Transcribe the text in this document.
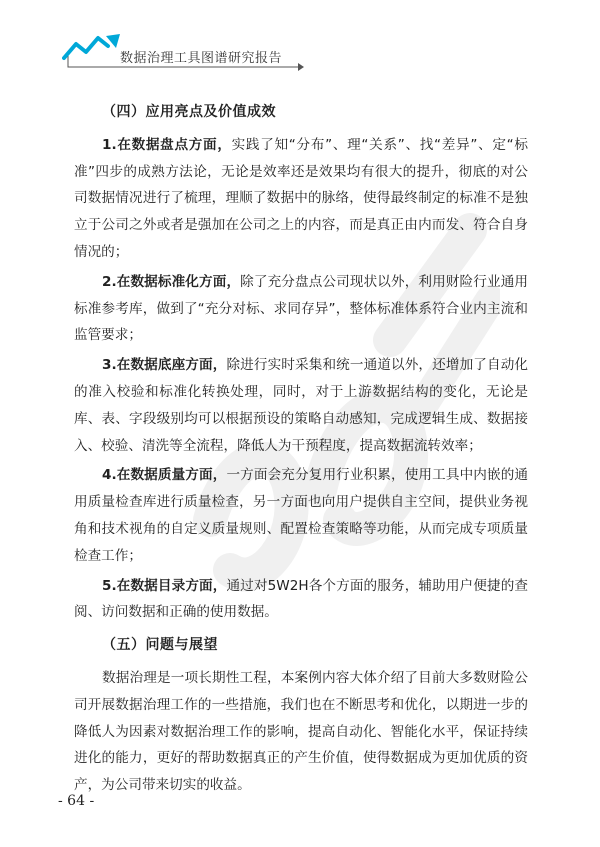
数据治理工具图谱研究报告
（四）应用亮点及价值成效

1.在数据盘点方面，实践了知“分布”、理“关系”、找“差异”、定“标准”四步的成熟方法论，无论是效率还是效果均有很大的提升，彻底的对公司数据情况进行了梳理，理顺了数据中的脉络，使得最终制定的标准不是独立于公司之外或者是强加在公司之上的内容，而是真正由内而发、符合自身情况的；

2.在数据标准化方面，除了充分盘点公司现状以外，利用财险行业通用标准参考库，做到了“充分对标、求同存异”，整体标准体系符合业内主流和监管要求；

3.在数据底座方面，除进行实时采集和统一通道以外，还增加了自动化的准入校验和标准化转换处理，同时，对于上游数据结构的变化，无论是库、表、字段级别均可以根据预设的策略自动感知，完成逻辑生成、数据接入、校验、清洗等全流程，降低人为干预程度，提高数据流转效率；

4.在数据质量方面，一方面会充分复用行业积累，使用工具中内嵌的通用质量检查库进行质量检查，另一方面也向用户提供自主空间，提供业务视角和技术视角的自定义质量规则、配置检查策略等功能，从而完成专项质量检查工作；

5.在数据目录方面，通过对5W2H各个方面的服务，辅助用户便捷的查阅、访问数据和正确的使用数据。

（五）问题与展望

数据治理是一项长期性工程，本案例内容大体介绍了目前大多数财险公司开展数据治理工作的一些措施，我们也在不断思考和优化，以期进一步的降低人为因素对数据治理工作的影响，提高自动化、智能化水平，保证持续进化的能力，更好的帮助数据真正的产生价值，使得数据成为更加优质的资产，为公司带来切实的收益。

- 64 -
